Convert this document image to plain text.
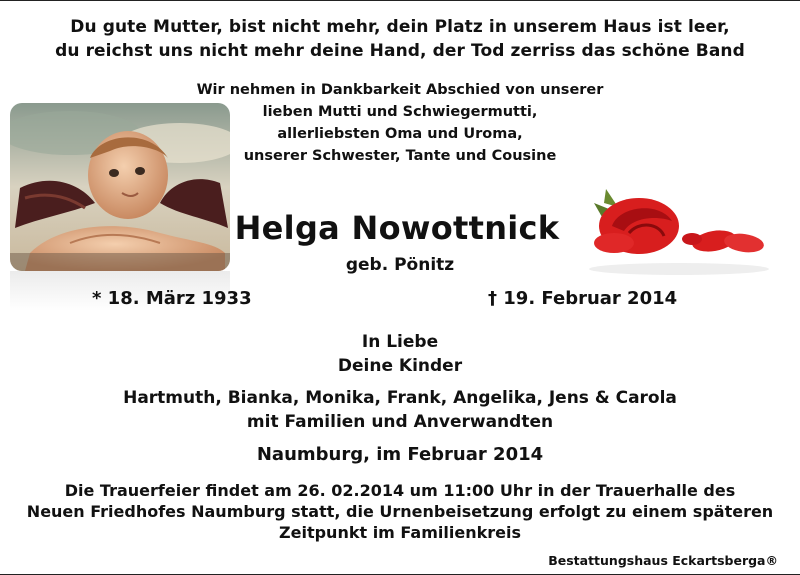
Du gute Mutter, bist nicht mehr, dein Platz in unserem Haus ist leer,
du reichst uns nicht mehr deine Hand, der Tod zerriss das schöne Band
Wir nehmen in Dankbarkeit Abschied von unserer
lieben Mutti und Schwiegermutti,
allerliebsten Oma und Uroma,
unserer Schwester, Tante und Cousine
Helga Nowottnick
geb. Pönitz
* 18. März 1933	† 19. Februar 2014
In Liebe
Deine Kinder
Hartmuth, Bianka, Monika, Frank, Angelika, Jens & Carola
mit Familien und Anverwandten
Naumburg, im Februar 2014
Die Trauerfeier findet am 26. 02.2014 um 11:00 Uhr in der Trauerhalle des
Neuen Friedhofes Naumburg statt, die Urnenbeisetzung erfolgt zu einem späteren
Zeitpunkt im Familienkreis
Bestattungshaus Eckartsberga®
